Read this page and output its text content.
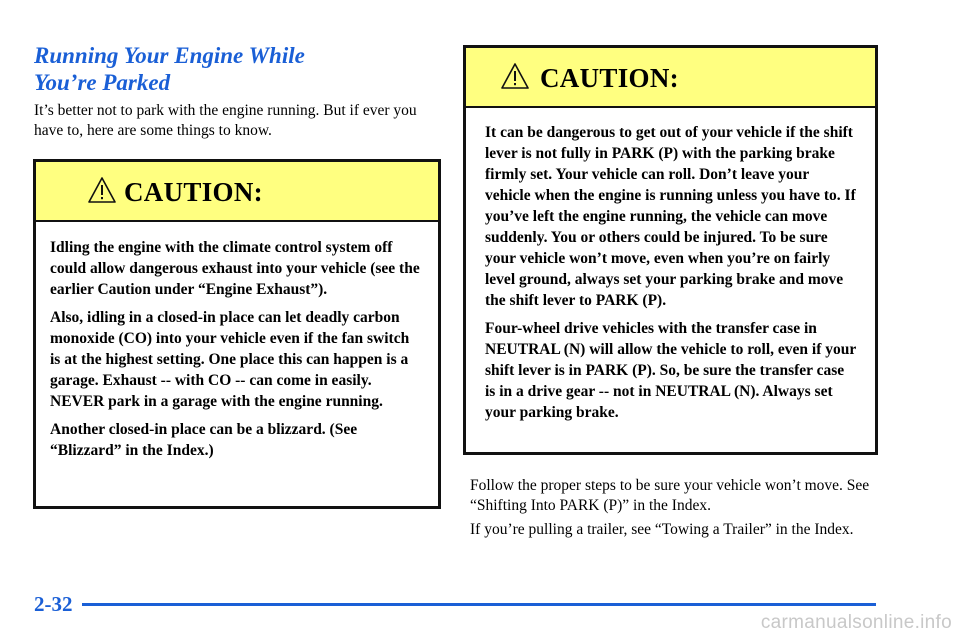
Running Your Engine While
You’re Parked

It’s better not to park with the engine running. But if ever you have to, here are some things to know.

CAUTION:

Idling the engine with the climate control system off could allow dangerous exhaust into your vehicle (see the earlier Caution under “Engine Exhaust”).

Also, idling in a closed-in place can let deadly carbon monoxide (CO) into your vehicle even if the fan switch is at the highest setting. One place this can happen is a garage. Exhaust -- with CO -- can come in easily. NEVER park in a garage with the engine running.

Another closed-in place can be a blizzard. (See “Blizzard” in the Index.)

CAUTION:

It can be dangerous to get out of your vehicle if the shift lever is not fully in PARK (P) with the parking brake firmly set. Your vehicle can roll. Don’t leave your vehicle when the engine is running unless you have to. If you’ve left the engine running, the vehicle can move suddenly. You or others could be injured. To be sure your vehicle won’t move, even when you’re on fairly level ground, always set your parking brake and move the shift lever to PARK (P).

Four-wheel drive vehicles with the transfer case in NEUTRAL (N) will allow the vehicle to roll, even if your shift lever is in PARK (P). So, be sure the transfer case is in a drive gear -- not in NEUTRAL (N). Always set your parking brake.

Follow the proper steps to be sure your vehicle won’t move. See “Shifting Into PARK (P)” in the Index.

If you’re pulling a trailer, see “Towing a Trailer” in the Index.

2-32
carmanualsonline.info
